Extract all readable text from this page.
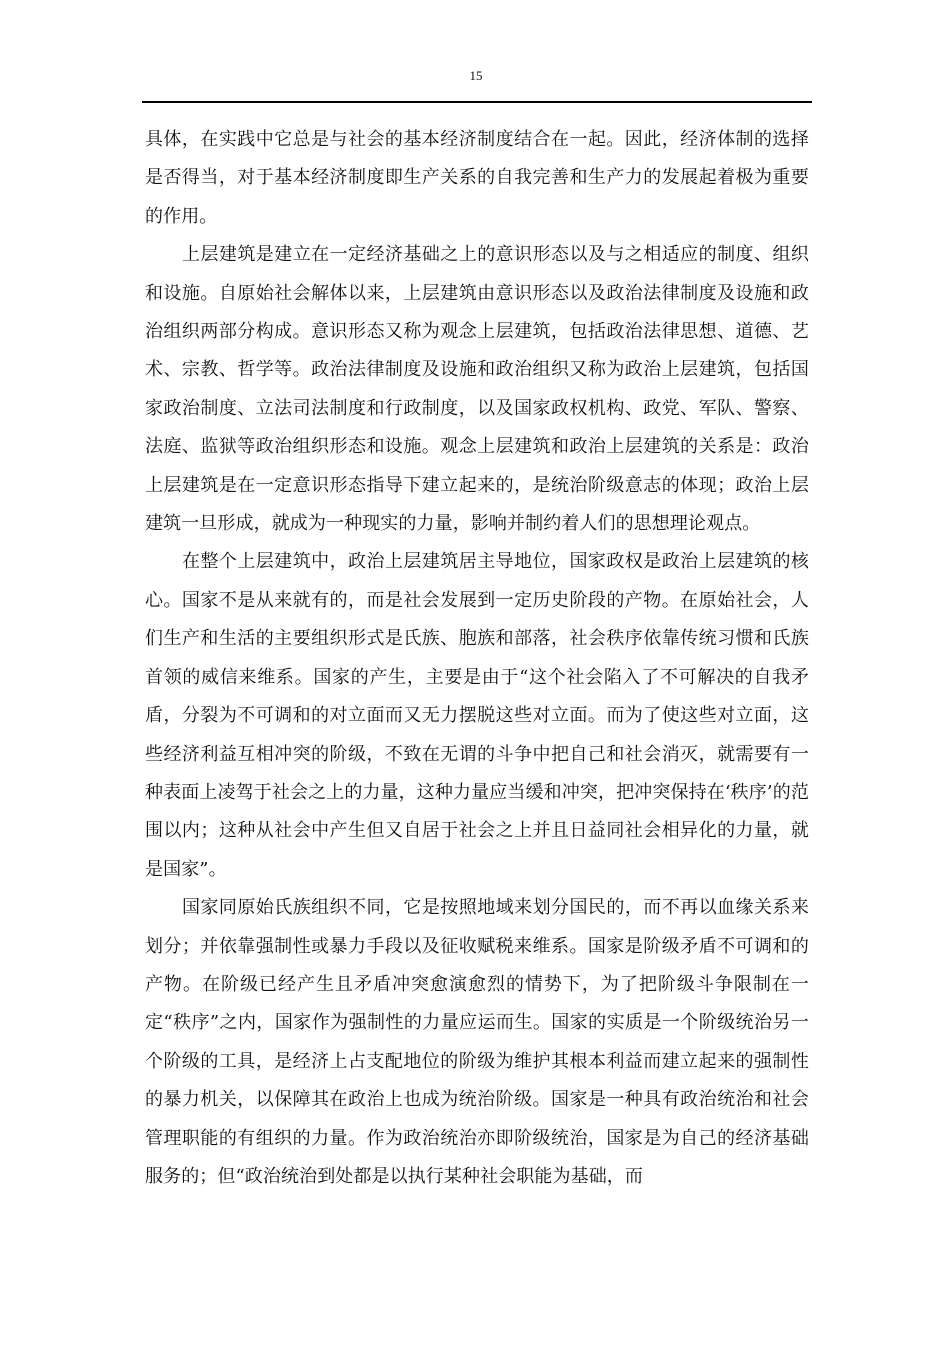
15

具体，在实践中它总是与社会的基本经济制度结合在一起。因此，经济体制的选择是否得当，对于基本经济制度即生产关系的自我完善和生产力的发展起着极为重要的作用。

上层建筑是建立在一定经济基础之上的意识形态以及与之相适应的制度、组织和设施。自原始社会解体以来，上层建筑由意识形态以及政治法律制度及设施和政治组织两部分构成。意识形态又称为观念上层建筑，包括政治法律思想、道德、艺术、宗教、哲学等。政治法律制度及设施和政治组织又称为政治上层建筑，包括国家政治制度、立法司法制度和行政制度，以及国家政权机构、政党、军队、警察、法庭、监狱等政治组织形态和设施。观念上层建筑和政治上层建筑的关系是：政治上层建筑是在一定意识形态指导下建立起来的，是统治阶级意志的体现；政治上层建筑一旦形成，就成为一种现实的力量，影响并制约着人们的思想理论观点。

在整个上层建筑中，政治上层建筑居主导地位，国家政权是政治上层建筑的核心。国家不是从来就有的，而是社会发展到一定历史阶段的产物。在原始社会，人们生产和生活的主要组织形式是氏族、胞族和部落，社会秩序依靠传统习惯和氏族首领的威信来维系。国家的产生，主要是由于“这个社会陷入了不可解决的自我矛盾，分裂为不可调和的对立面而又无力摆脱这些对立面。而为了使这些对立面，这些经济利益互相冲突的阶级，不致在无谓的斗争中把自己和社会消灭，就需要有一种表面上凌驾于社会之上的力量，这种力量应当缓和冲突，把冲突保持在‘秩序’的范围以内；这种从社会中产生但又自居于社会之上并且日益同社会相异化的力量，就是国家”。

国家同原始氏族组织不同，它是按照地域来划分国民的，而不再以血缘关系来划分；并依靠强制性或暴力手段以及征收赋税来维系。国家是阶级矛盾不可调和的产物。在阶级已经产生且矛盾冲突愈演愈烈的情势下，为了把阶级斗争限制在一定“秩序”之内，国家作为强制性的力量应运而生。国家的实质是一个阶级统治另一个阶级的工具，是经济上占支配地位的阶级为维护其根本利益而建立起来的强制性的暴力机关，以保障其在政治上也成为统治阶级。国家是一种具有政治统治和社会管理职能的有组织的力量。作为政治统治亦即阶级统治，国家是为自己的经济基础服务的；但“政治统治到处都是以执行某种社会职能为基础，而
